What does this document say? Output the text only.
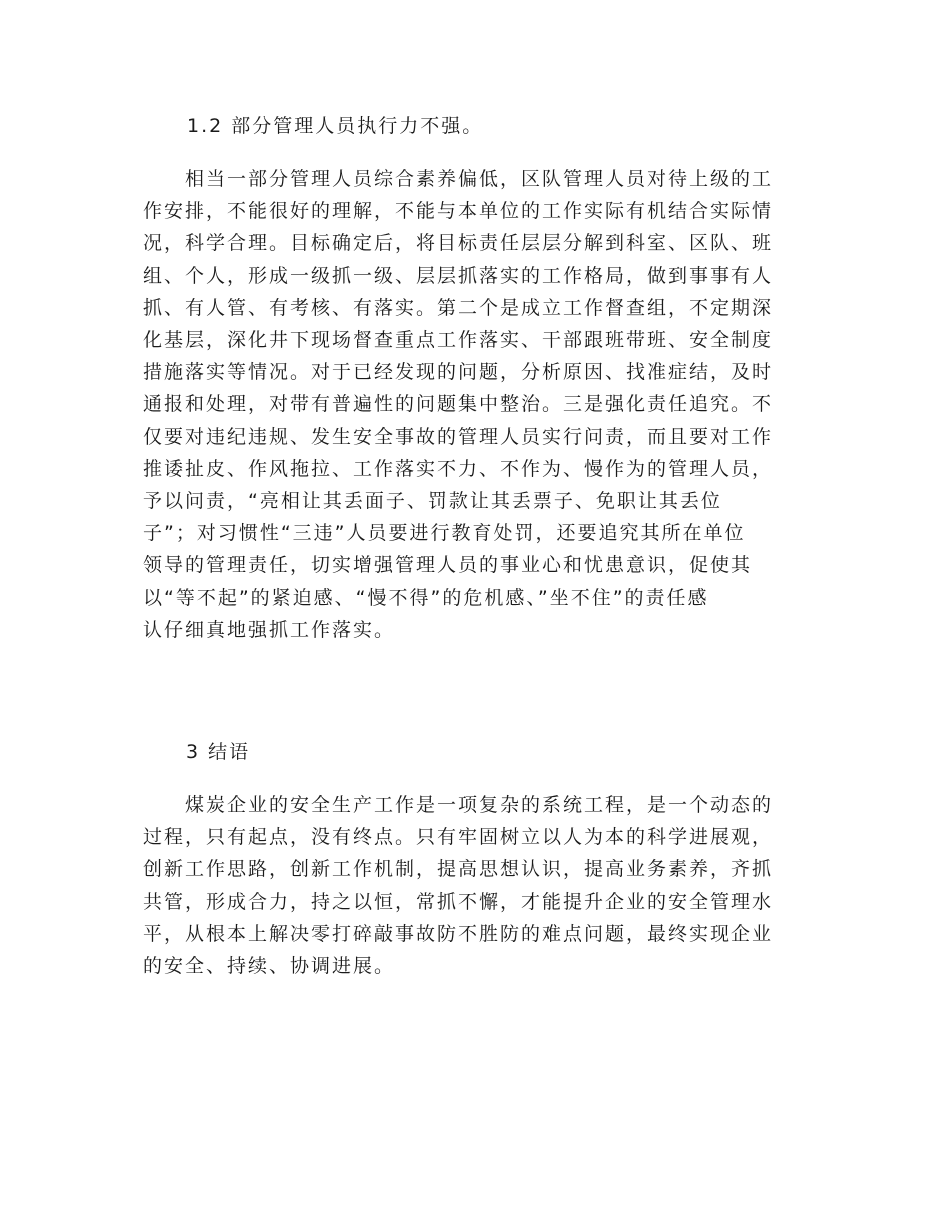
1.2 部分管理人员执行力不强。
　　相当一部分管理人员综合素养偏低，区队管理人员对待上级的工
作安排，不能很好的理解，不能与本单位的工作实际有机结合实际情
况，科学合理。目标确定后，将目标责任层层分解到科室、区队、班
组、个人，形成一级抓一级、层层抓落实的工作格局，做到事事有人
抓、有人管、有考核、有落实。第二个是成立工作督查组，不定期深
化基层，深化井下现场督查重点工作落实、干部跟班带班、安全制度
措施落实等情况。对于已经发现的问题，分析原因、找准症结，及时
通报和处理，对带有普遍性的问题集中整治。三是强化责任追究。不
仅要对违纪违规、发生安全事故的管理人员实行问责，而且要对工作
推诿扯皮、作风拖拉、工作落实不力、不作为、慢作为的管理人员，
予以问责，“亮相让其丢面子、罚款让其丢票子、免职让其丢位
子”；对习惯性“三违”人员要进行教育处罚，还要追究其所在单位
领导的管理责任，切实增强管理人员的事业心和忧患意识，促使其
以“等不起”的紧迫感、“慢不得”的危机感、”坐不住”的责任感
认仔细真地强抓工作落实。
3 结语
　　煤炭企业的安全生产工作是一项复杂的系统工程，是一个动态的
过程，只有起点，没有终点。只有牢固树立以人为本的科学进展观，
创新工作思路，创新工作机制，提高思想认识，提高业务素养，齐抓
共管，形成合力，持之以恒，常抓不懈，才能提升企业的安全管理水
平，从根本上解决零打碎敲事故防不胜防的难点问题，最终实现企业
的安全、持续、协调进展。
